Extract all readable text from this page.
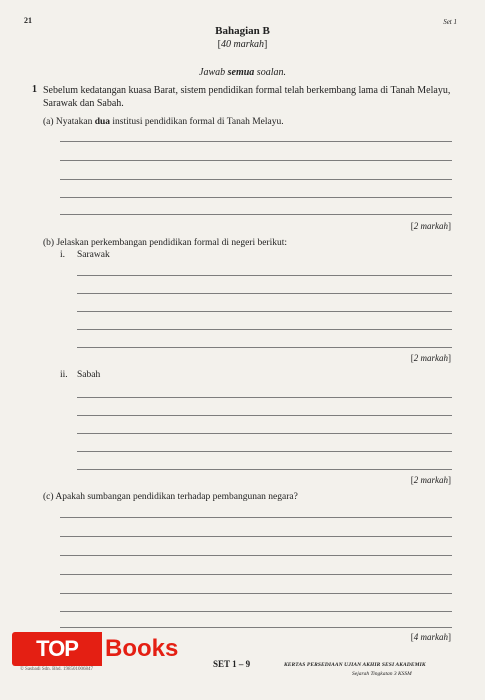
21	Set 1
Bahagian B
[40 markah]
Jawab semua soalan.
1 Sebelum kedatangan kuasa Barat, sistem pendidikan formal telah berkembang lama di Tanah Melayu, Sarawak dan Sabah.
(a) Nyatakan dua institusi pendidikan formal di Tanah Melayu.
[2 markah]
(b) Jelaskan perkembangan pendidikan formal di negeri berikut:
i. Sarawak
[2 markah]
ii. Sabah
[2 markah]
(c) Apakah sumbangan pendidikan terhadap pembangunan negara?
[4 markah]
TOP	Books
© Sasbadi Sdn. Bhd. 198501006847
SET 1 – 9	KERTAS PERSEDIAAN UJIAN AKHIR SESI AKADEMIK
Sejarah Tingkatan 3 KSSM
